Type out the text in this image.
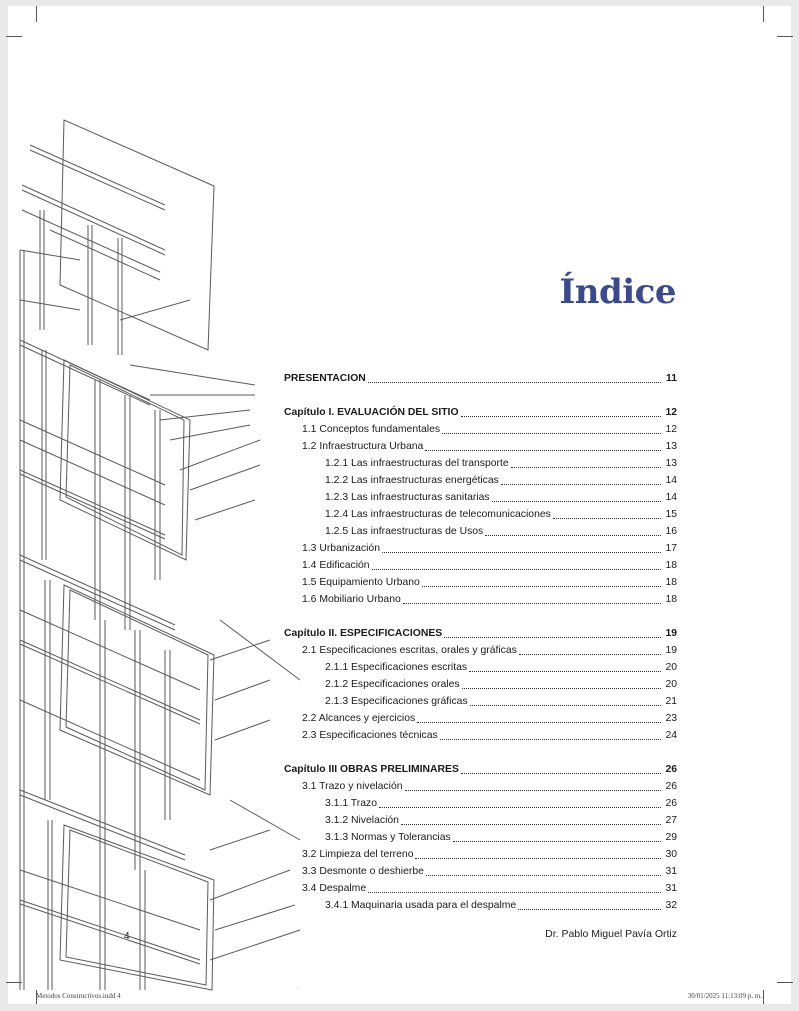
Índice
PRESENTACION	11
Capítulo I. EVALUACIÓN DEL SITIO	12
1.1 Conceptos fundamentales	12
1.2 Infraestructura Urbana	13
1.2.1 Las infraestructuras del transporte	13
1.2.2 Las infraestructuras energéticas	14
1.2.3 Las infraestructuras sanitarias	14
1.2.4 Las infraestructuras de telecomunicaciones	15
1.2.5 Las infraestructuras de Usos	16
1.3 Urbanización	17
1.4 Edificación	18
1.5 Equipamiento Urbano	18
1.6 Mobiliario Urbano	18
Capítulo II. ESPECIFICACIONES	19
2.1 Especificaciones escritas, orales y gráficas	19
2.1.1 Especificaciones escritas	20
2.1.2 Especificaciones orales	20
2.1.3 Especificaciones gráficas	21
2.2 Alcances y ejercicios	23
2.3 Especificaciones técnicas	24
Capítulo III OBRAS PRELIMINARES	26
3.1 Trazo y nivelación	26
3.1.1 Trazo	26
3.1.2 Nivelación	27
3.1.3 Normas y Tolerancias	29
3.2 Limpieza del terreno	30
3.3 Desmonte o deshierbe	31
3.4 Despalme	31
3.4.1 Maquinaria usada para el despalme	32
4	Dr. Pablo Miguel Pavía Ortiz
Metodos Constructivos.indd 4
·
30/01/2025 11:13:09 p. m.
